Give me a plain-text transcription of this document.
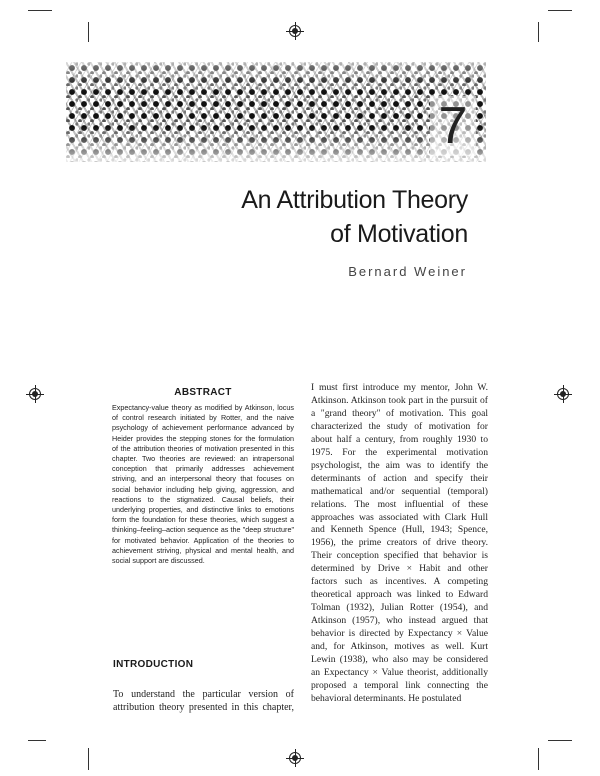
7
An Attribution Theory
of Motivation
Bernard Weiner
ABSTRACT
Expectancy-value theory as modified by Atkinson, locus of control research initiated by Rotter, and the naive psychology of achievement performance advanced by Heider provides the stepping stones for the formulation of the attribution theories of motivation presented in this chapter. Two theories are reviewed: an intrapersonal conception that primarily addresses achievement striving, and an interpersonal theory that focuses on social behavior including help giving, aggression, and reactions to the stigmatized. Causal beliefs, their underlying properties, and distinctive links to emotions form the foundation for these theories, which suggest a thinking–feeling–action sequence as the "deep structure" for motivated behavior. Application of the theories to achievement striving, physical and mental health, and social support are discussed.
INTRODUCTION
To understand the particular version of attribution theory presented in this chapter,
I must first introduce my mentor, John W. Atkinson. Atkinson took part in the pursuit of a "grand theory" of motivation. This goal characterized the study of motivation for about half a century, from roughly 1930 to 1975. For the experimental motivation psychologist, the aim was to identify the determinants of action and specify their mathematical and/or sequential (temporal) relations. The most influential of these approaches was associated with Clark Hull and Kenneth Spence (Hull, 1943; Spence, 1956), the prime creators of drive theory. Their conception specified that behavior is determined by Drive × Habit and other factors such as incentives. A competing theoretical approach was linked to Edward Tolman (1932), Julian Rotter (1954), and Atkinson (1957), who instead argued that behavior is directed by Expectancy × Value and, for Atkinson, motives as well. Kurt Lewin (1938), who also may be considered an Expectancy × Value theorist, additionally proposed a temporal link connecting the behavioral determinants. He postulated
